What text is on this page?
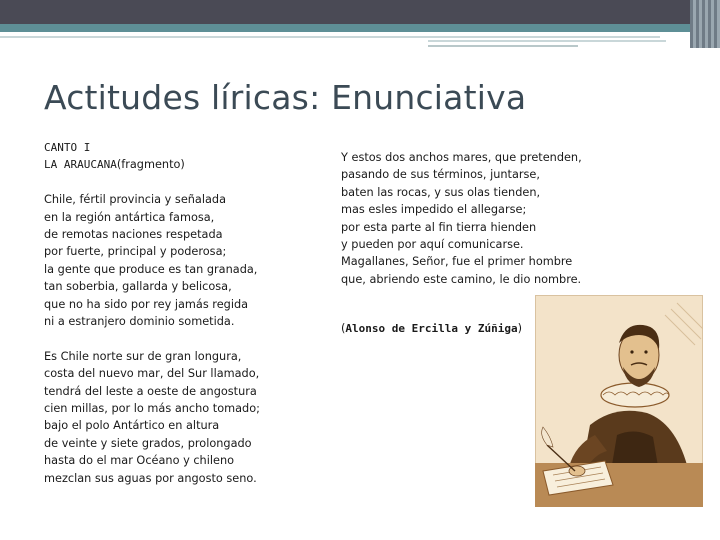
Actitudes líricas: Enunciativa
CANTO I
LA ARAUCANA(fragmento)
Chile, fértil provincia y señalada
en la región antártica famosa,
de remotas naciones respetada
por fuerte, principal y poderosa;
la gente que produce es tan granada,
tan soberbia, gallarda y belicosa,
que no ha sido por rey jamás regida
ni a estranjero dominio sometida.
Es Chile norte sur de gran longura,
costa del nuevo mar, del Sur llamado,
tendrá del leste a oeste de angostura
cien millas, por lo más ancho tomado;
bajo el polo Antártico en altura
de veinte y siete grados, prolongado
hasta do el mar Océano y chileno
mezclan sus aguas por angosto seno.
Y estos dos anchos mares, que pretenden,
pasando de sus términos, juntarse,
baten las rocas, y sus olas tienden,
mas esles impedido el allegarse;
por esta parte al fin tierra hienden
y pueden por aquí comunicarse.
Magallanes, Señor, fue el primer hombre
que, abriendo este camino, le dio nombre.
(Alonso de Ercilla y Zúñiga)
